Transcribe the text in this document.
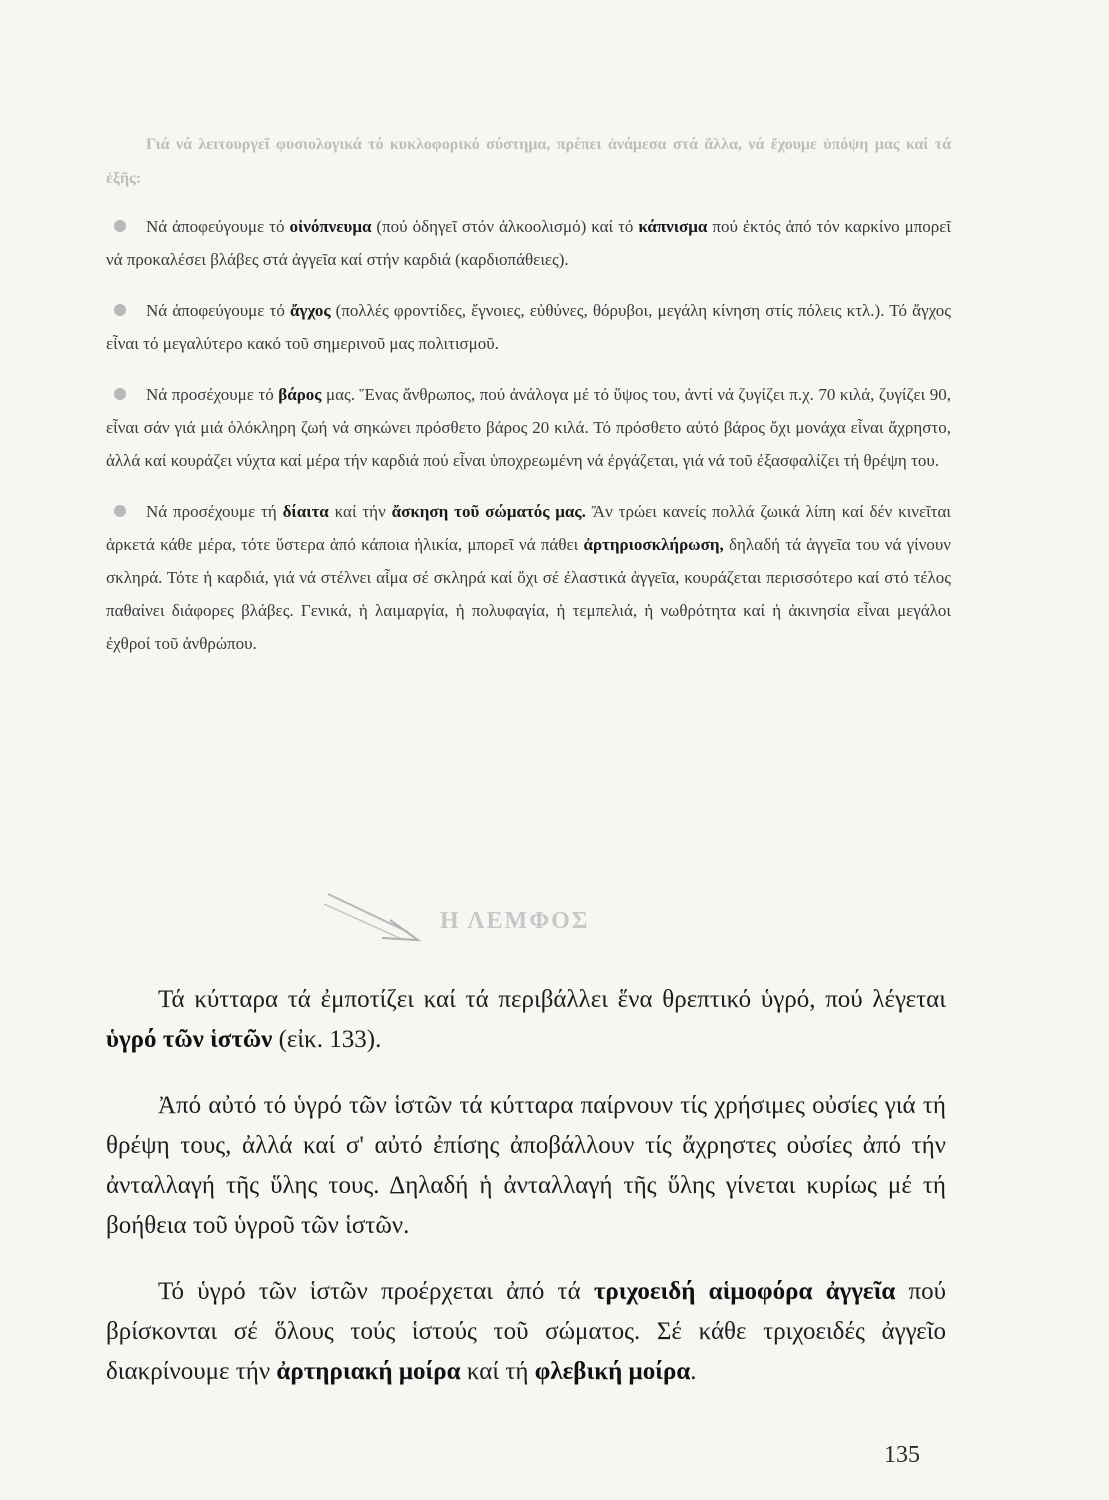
Γιά νά λειτουργεῖ φυσιολογικά τό κυκλοφορικό σύστημα, πρέπει ἀνάμεσα στά ἄλλα, νά ἔχουμε ὑπόψη μας καί τά ἑξῆς:
Νά ἀποφεύγουμε τό οἰνόπνευμα (πού ὁδηγεῖ στόν ἀλκοολισμό) καί τό κάπνισμα πού ἐκτός ἀπό τόν καρκίνο μπορεῖ νά προκαλέσει βλάβες στά ἀγγεῖα καί στήν καρδιά (καρδιοπάθειες).
Νά ἀποφεύγουμε τό ἄγχος (πολλές φροντίδες, ἔγνοιες, εὐθύνες, θόρυβοι, μεγάλη κίνηση στίς πόλεις κτλ.). Τό ἄγχος εἶναι τό μεγαλύτερο κακό τοῦ σημερινοῦ μας πολιτισμοῦ.
Νά προσέχουμε τό βάρος μας. Ἕνας ἄνθρωπος, πού ἀνάλογα μέ τό ὕψος του, ἀντί νά ζυγίζει π.χ. 70 κιλά, ζυγίζει 90, εἶναι σάν γιά μιά ὁλόκληρη ζωή νά σηκώνει πρόσθετο βάρος 20 κιλά. Τό πρόσθετο αὐτό βάρος ὄχι μονάχα εἶναι ἄχρηστο, ἀλλά καί κουράζει νύχτα καί μέρα τήν καρδιά πού εἶναι ὑποχρεωμένη νά ἐργάζεται, γιά νά τοῦ ἐξασφαλίζει τή θρέψη του.
Νά προσέχουμε τή δίαιτα καί τήν ἄσκηση τοῦ σώματός μας. Ἄν τρώει κανείς πολλά ζωικά λίπη καί δέν κινεῖται ἀρκετά κάθε μέρα, τότε ὕστερα ἀπό κάποια ἡλικία, μπορεῖ νά πάθει ἀρτηριοσκλήρωση, δηλαδή τά ἀγγεῖα του νά γίνουν σκληρά. Τότε ἡ καρδιά, γιά νά στέλνει αἷμα σέ σκληρά καί ὄχι σέ ἐλαστικά ἀγγεῖα, κουράζεται περισσότερο καί στό τέλος παθαίνει διάφορες βλάβες. Γενικά, ἡ λαιμαργία, ἡ πολυφαγία, ἡ τεμπελιά, ἡ νωθρότητα καί ἡ ἀκινησία εἶναι μεγάλοι ἐχθροί τοῦ ἀνθρώπου.
Η ΛΕΜΦΟΣ

Τά κύτταρα τά ἐμποτίζει καί τά περιβάλλει ἕνα θρεπτικό ὑγρό, πού λέγεται ὑγρό τῶν ἱστῶν (εἰκ. 133).

Ἀπό αὐτό τό ὑγρό τῶν ἱστῶν τά κύτταρα παίρνουν τίς χρήσιμες οὐσίες γιά τή θρέψη τους, ἀλλά καί σ' αὐτό ἐπίσης ἀποβάλλουν τίς ἄχρηστες οὐσίες ἀπό τήν ἀνταλλαγή τῆς ὕλης τους. Δηλαδή ἡ ἀνταλλαγή τῆς ὕλης γίνεται κυρίως μέ τή βοήθεια τοῦ ὑγροῦ τῶν ἱστῶν.

Τό ὑγρό τῶν ἱστῶν προέρχεται ἀπό τά τριχοειδή αἱμοφόρα ἀγγεῖα πού βρίσκονται σέ ὅλους τούς ἱστούς τοῦ σώματος. Σέ κάθε τριχοειδές ἀγγεῖο διακρίνουμε τήν ἀρτηριακή μοίρα καί τή φλεβική μοίρα.

135
